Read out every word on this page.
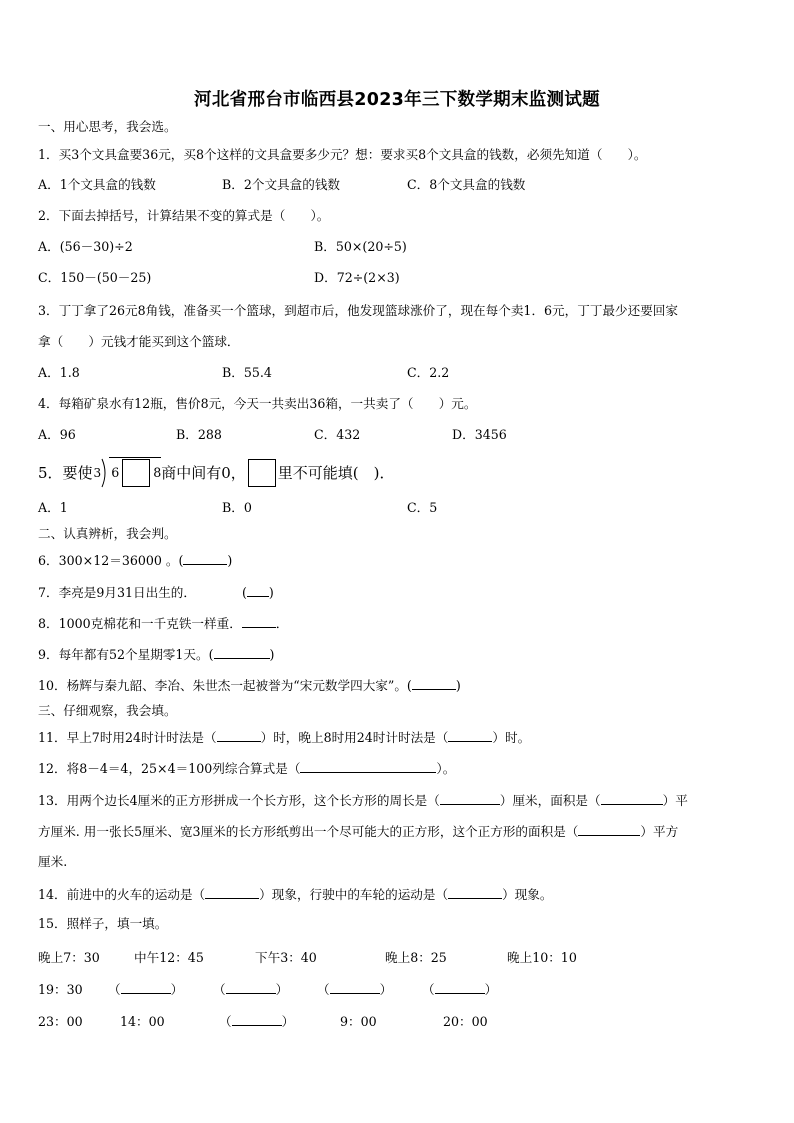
河北省邢台市临西县2023年三下数学期末监测试题
一、用心思考，我会选。
1．买3个文具盒要36元，买8个这样的文具盒要多少元？想：要求买8个文具盒的钱数，必须先知道（　　）。
A．1个文具盒的钱数	B．2个文具盒的钱数	C．8个文具盒的钱数
2．下面去掉括号，计算结果不变的算式是（　　）。
A．(56－30)÷2	B．50×(20÷5)
C．150－(50－25)	D．72÷(2×3)
3．丁丁拿了26元8角钱，准备买一个篮球，到超市后，他发现篮球涨价了，现在每个卖1．6元，丁丁最少还要回家
拿（　　）元钱才能买到这个篮球．
A．1.8	B．55.4	C．2.2
4．每箱矿泉水有12瓶，售价8元，今天一共卖出36箱，一共卖了（　　）元。
A．96	B．288	C．432	D．3456
5．要使 3 6	8 商中间有0， 里不可能填(　)．
A．1	B．0	C．5
二、认真辨析，我会判。
6．300×12＝36000 。(	)
7．李亮是9月31日出生的．	( )
8．1000克棉花和一千克铁一样重．	．
9．每年都有52个星期零1天。(	)
10．杨辉与秦九韶、李冶、朱世杰一起被誉为“宋元数学四大家”。(	)
三、仔细观察，我会填。
11．早上7时用24时计时法是（	）时，晚上8时用24时计时法是（	）时。
12．将8－4＝4，25×4＝100列综合算式是（	）。
13．用两个边长4厘米的正方形拼成一个长方形，这个长方形的周长是（	）厘米，面积是（	）平
方厘米. 用一张长5厘米、宽3厘米的长方形纸剪出一个尽可能大的正方形，这个正方形的面积是（	）平方
厘米.
14．前进中的火车的运动是（	）现象，行驶中的车轮的运动是（	）现象。
15．照样子，填一填。
晚上7：30	中午12：45	下午3：40	晚上8：25	晚上10：10
19：30 （	） （	） （	） （	）
23：00	14：00	（	）	9：00	20：00
